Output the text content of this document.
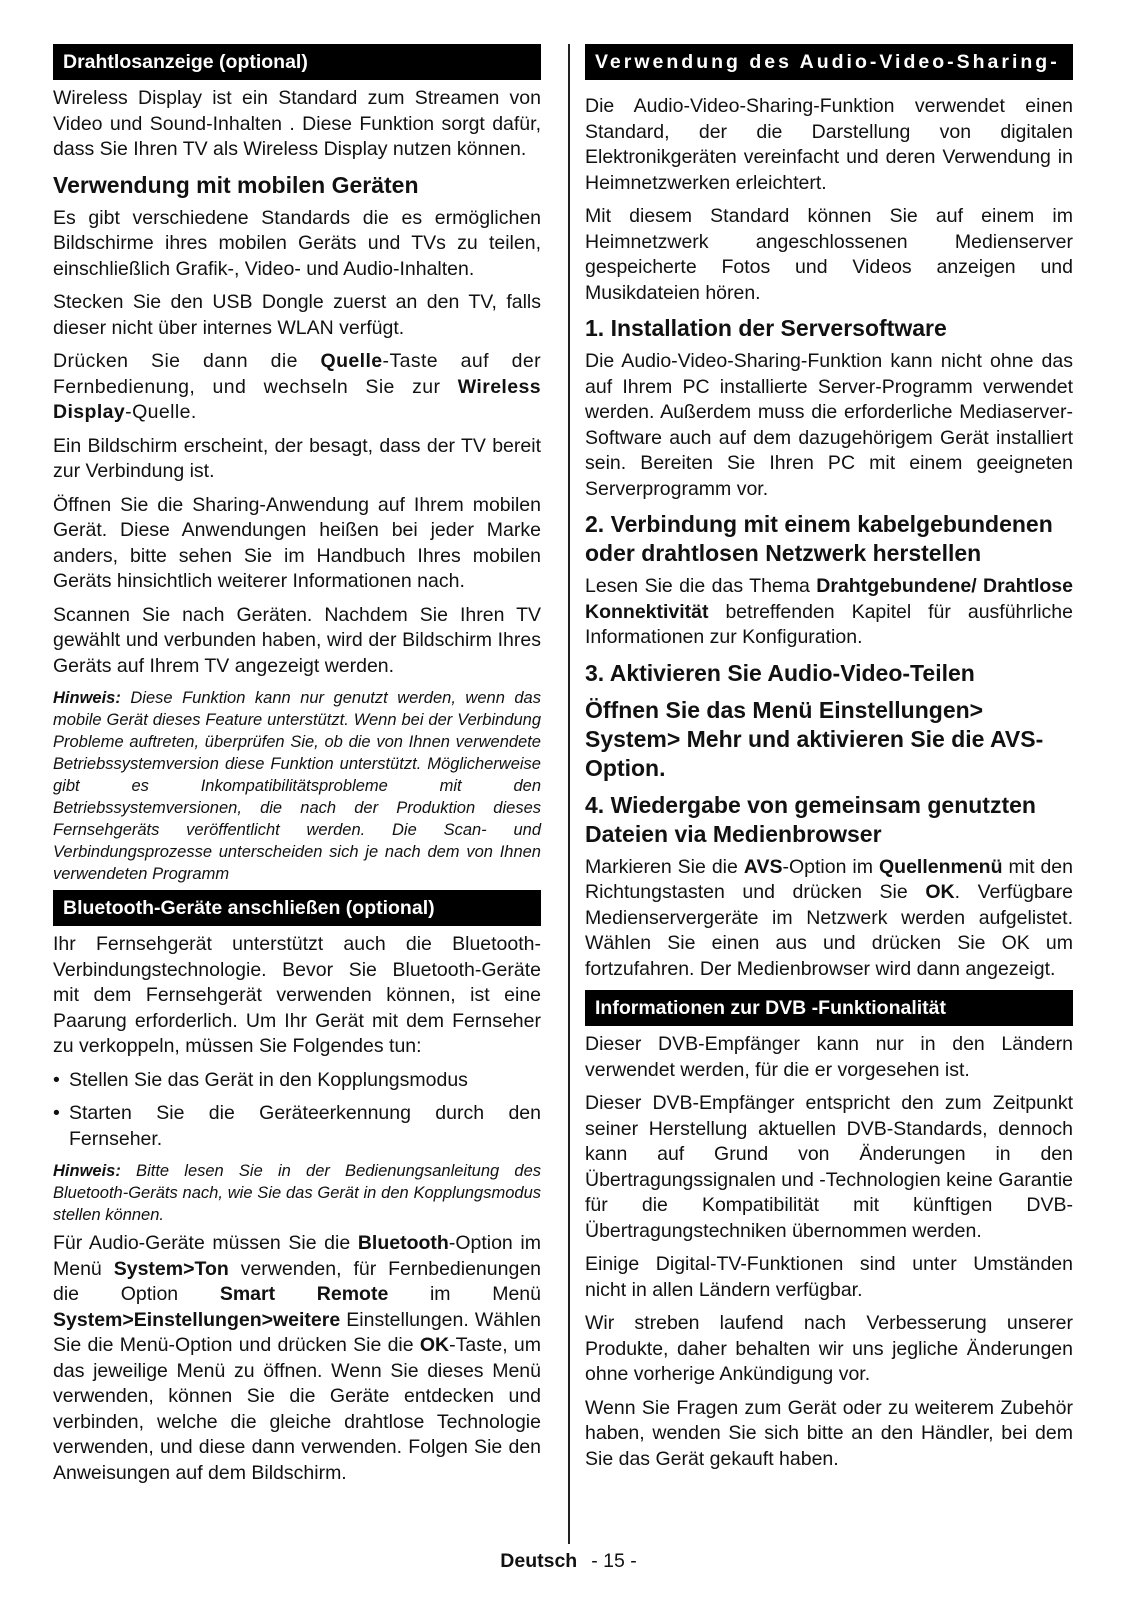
Drahtlosanzeige (optional)

Wireless Display ist ein Standard zum Streamen von Video und Sound-Inhalten . Diese Funktion sorgt dafür, dass Sie Ihren TV als Wireless Display nutzen können.

Verwendung mit mobilen Geräten

Es gibt verschiedene Standards die es ermöglichen Bildschirme ihres mobilen Geräts und TVs zu teilen, einschließlich Grafik-, Video- und Audio-Inhalten.

Stecken Sie den USB Dongle zuerst an den TV, falls dieser nicht über internes WLAN verfügt.

Drücken Sie dann die Quelle-Taste auf der Fernbedienung, und wechseln Sie zur Wireless Display-Quelle.

Ein Bildschirm erscheint, der besagt, dass der TV bereit zur Verbindung ist.

Öffnen Sie die Sharing-Anwendung auf Ihrem mobilen Gerät. Diese Anwendungen heißen bei jeder Marke anders, bitte sehen Sie im Handbuch Ihres mobilen Geräts hinsichtlich weiterer Informationen nach.

Scannen Sie nach Geräten. Nachdem Sie Ihren TV gewählt und verbunden haben, wird der Bildschirm Ihres Geräts auf Ihrem TV angezeigt werden.

Hinweis: Diese Funktion kann nur genutzt werden, wenn das mobile Gerät dieses Feature unterstützt. Wenn bei der Verbindung Probleme auftreten, überprüfen Sie, ob die von Ihnen verwendete Betriebssystemversion diese Funktion unterstützt. Möglicherweise gibt es Inkompatibilitätsprobleme mit den Betriebssystemversionen, die nach der Produktion dieses Fernsehgeräts veröffentlicht werden. Die Scan- und Verbindungsprozesse unterscheiden sich je nach dem von Ihnen verwendeten Programm

Bluetooth-Geräte anschließen (optional)

Ihr Fernsehgerät unterstützt auch die Bluetooth-Verbindungstechnologie. Bevor Sie Bluetooth-Geräte mit dem Fernsehgerät verwenden können, ist eine Paarung erforderlich. Um Ihr Gerät mit dem Fernseher zu verkoppeln, müssen Sie Folgendes tun:

• Stellen Sie das Gerät in den Kopplungsmodus
• Starten Sie die Geräteerkennung durch den Fernseher.

Hinweis: Bitte lesen Sie in der Bedienungsanleitung des Bluetooth-Geräts nach, wie Sie das Gerät in den Kopplungsmodus stellen können.

Für Audio-Geräte müssen Sie die Bluetooth-Option im Menü System>Ton verwenden, für Fernbedienungen die Option Smart Remote im Menü System>Einstellungen>weitere Einstellungen. Wählen Sie die Menü-Option und drücken Sie die OK-Taste, um das jeweilige Menü zu öffnen. Wenn Sie dieses Menü verwenden, können Sie die Geräte entdecken und verbinden, welche die gleiche drahtlose Technologie verwenden, und diese dann verwenden. Folgen Sie den Anweisungen auf dem Bildschirm.

Verwendung des Audio-Video-Sharing-

Die Audio-Video-Sharing-Funktion verwendet einen Standard, der die Darstellung von digitalen Elektronikgeräten vereinfacht und deren Verwendung in Heimnetzwerken erleichtert.

Mit diesem Standard können Sie auf einem im Heimnetzwerk angeschlossenen Medienserver gespeicherte Fotos und Videos anzeigen und Musikdateien hören.

1. Installation der Serversoftware

Die Audio-Video-Sharing-Funktion kann nicht ohne das auf Ihrem PC installierte Server-Programm verwendet werden. Außerdem muss die erforderliche Mediaserver-Software auch auf dem dazugehörigem Gerät installiert sein. Bereiten Sie Ihren PC mit einem geeigneten Serverprogramm vor.

2. Verbindung mit einem kabelgebundenen oder drahtlosen Netzwerk herstellen

Lesen Sie die das Thema Drahtgebundene/ Drahtlose Konnektivität betreffenden Kapitel für ausführliche Informationen zur Konfiguration.

3. Aktivieren Sie Audio-Video-Teilen
Öffnen Sie das Menü Einstellungen> System> Mehr und aktivieren Sie die AVS-Option.
4. Wiedergabe von gemeinsam genutzten Dateien via Medienbrowser

Markieren Sie die AVS-Option im Quellenmenü mit den Richtungstasten und drücken Sie OK. Verfügbare Medienservergeräte im Netzwerk werden aufgelistet. Wählen Sie einen aus und drücken Sie OK um fortzufahren. Der Medienbrowser wird dann angezeigt.

Informationen zur DVB -Funktionalität

Dieser DVB-Empfänger kann nur in den Ländern verwendet werden, für die er vorgesehen ist.

Dieser DVB-Empfänger entspricht den zum Zeitpunkt seiner Herstellung aktuellen DVB-Standards, dennoch kann auf Grund von Änderungen in den Übertragungssignalen und -Technologien keine Garantie für die Kompatibilität mit künftigen DVB-Übertragungstechniken übernommen werden.

Einige Digital-TV-Funktionen sind unter Umständen nicht in allen Ländern verfügbar.

Wir streben laufend nach Verbesserung unserer Produkte, daher behalten wir uns jegliche Änderungen ohne vorherige Ankündigung vor.

Wenn Sie Fragen zum Gerät oder zu weiterem Zubehör haben, wenden Sie sich bitte an den Händler, bei dem Sie das Gerät gekauft haben.

Deutsch - 15 -
